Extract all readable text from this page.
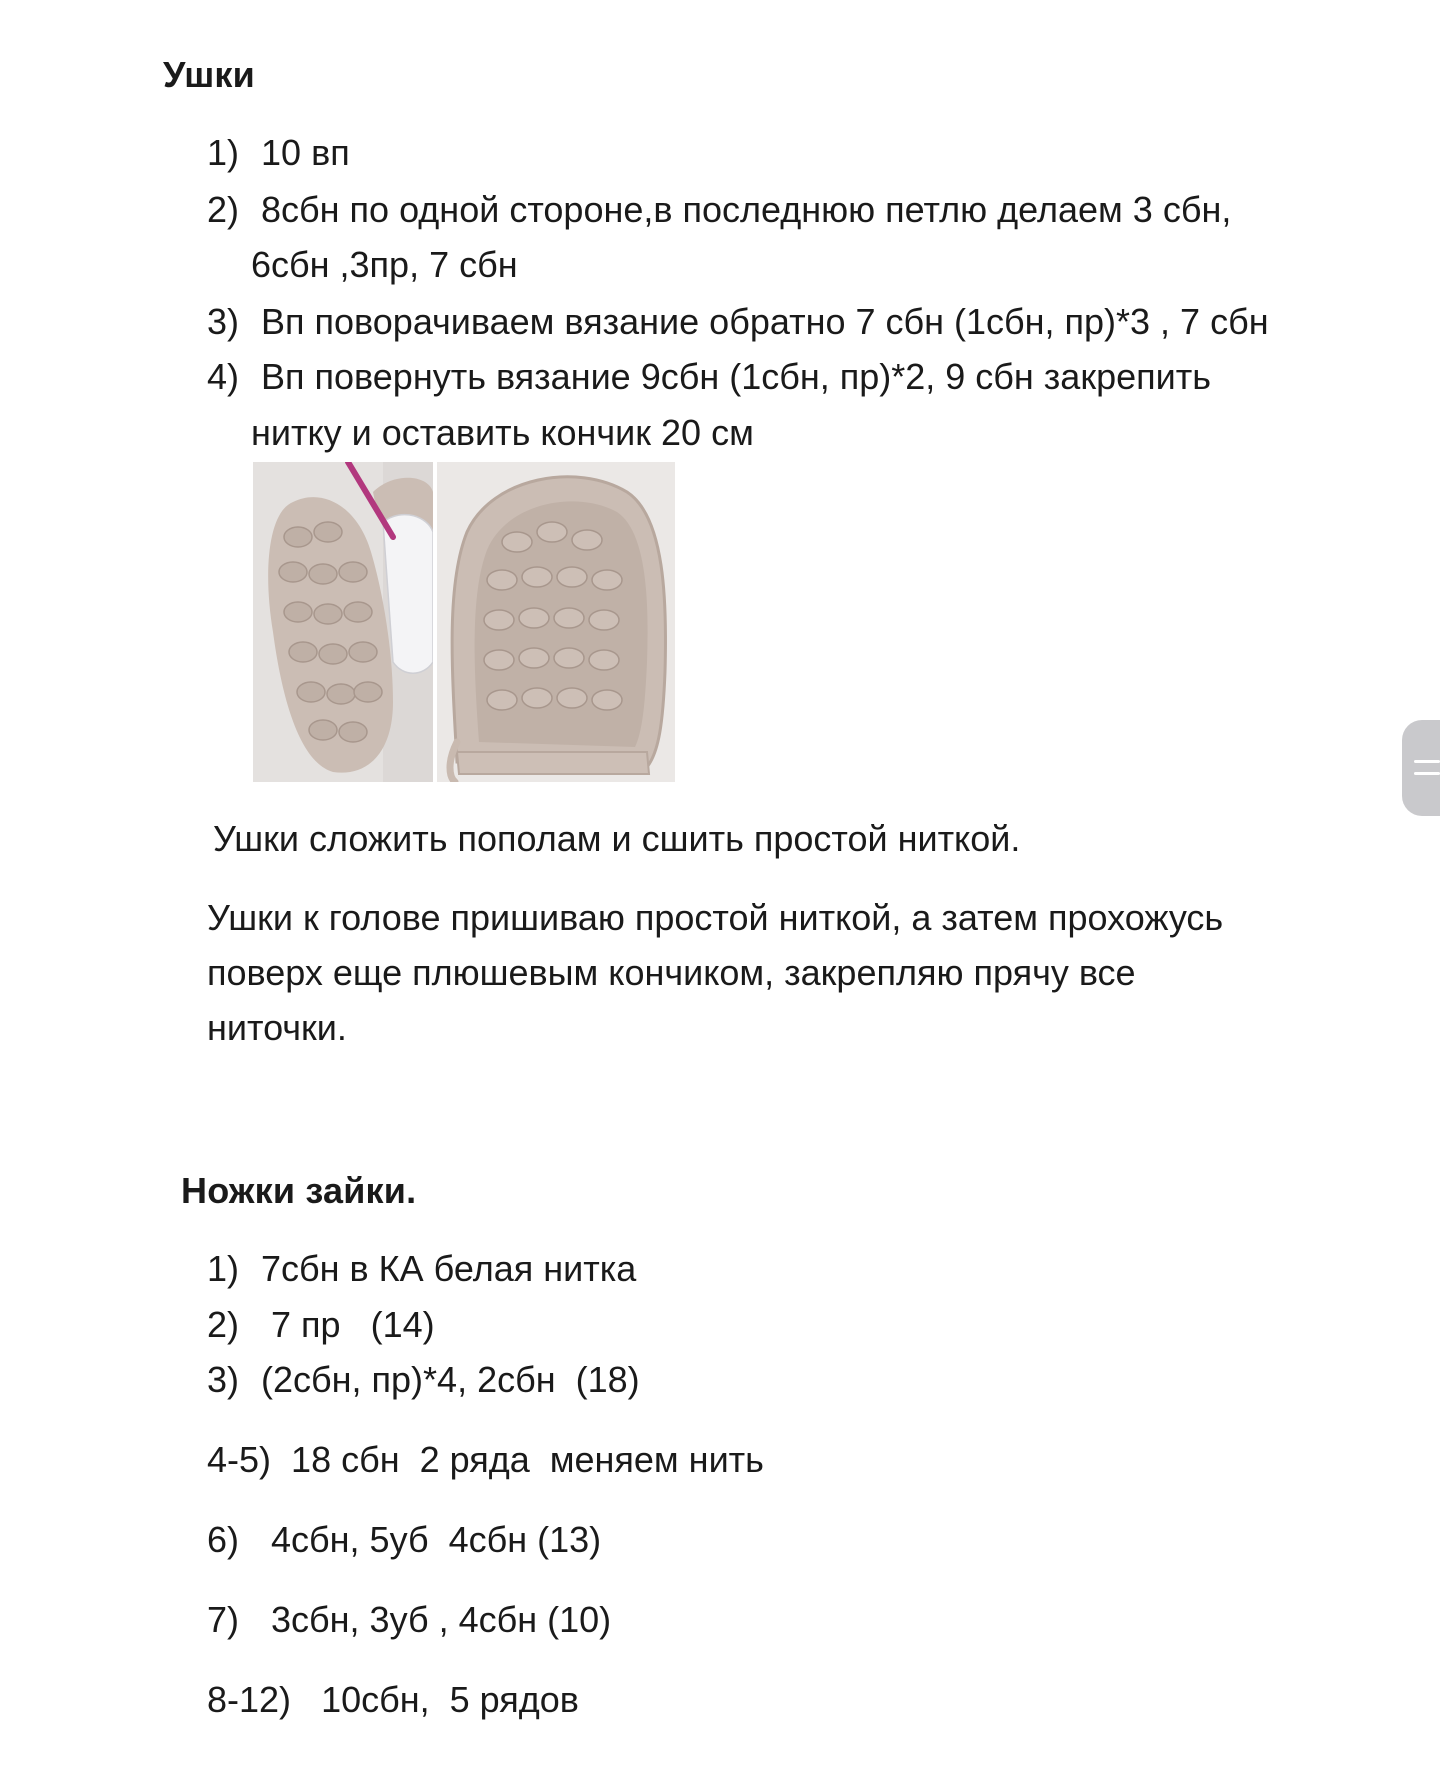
Ушки
1) 10 вп
2) 8сбн по одной стороне,в последнюю петлю делаем 3 сбн,
6сбн ,3пр, 7 сбн
3) Вп поворачиваем вязание обратно 7 сбн (1сбн, пр)*3 , 7 сбн
4) Вп повернуть вязание 9сбн (1сбн, пр)*2, 9 сбн закрепить
нитку и оставить кончик 20 см
Ушки сложить пополам и сшить простой ниткой.
Ушки к голове пришиваю простой ниткой, а затем прохожусь
поверх еще плюшевым кончиком, закрепляю прячу все
ниточки.
Ножки зайки.
1) 7сбн в КА белая нитка
2)  7 пр   (14)
3) (2сбн, пр)*4, 2сбн  (18)
4-5) 18 сбн  2 ряда  меняем нить
6)  4сбн, 5уб  4сбн (13)
7)  3сбн, 3уб , 4сбн (10)
8-12)  10сбн,  5 рядов
